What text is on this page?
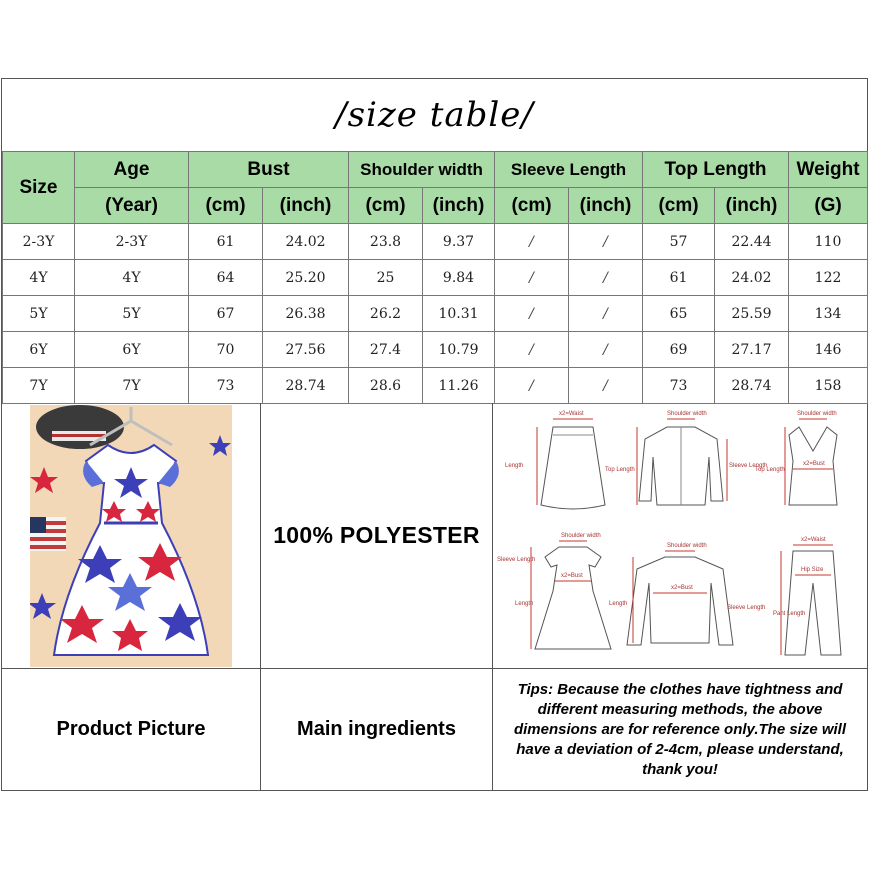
/size table/
Size	Age	Bust		Shoulder width		Sleeve Length		Top Length		Weight
	(Year)	(cm)	(inch)	(cm)	(inch)	(cm)	(inch)	(cm)	(inch)	(G)
2-3Y	2-3Y	61	24.02	23.8	9.37	/	/	57	22.44	110
4Y	4Y	64	25.20	25	9.84	/	/	61	24.02	122
5Y	5Y	67	26.38	26.2	10.31	/	/	65	25.59	134
6Y	6Y	70	27.56	27.4	10.79	/	/	69	27.17	146
7Y	7Y	73	28.74	28.6	11.26	/	/	73	28.74	158
100% POLYESTER
x2=Waist
Length
Shoulder width
Top Length
Sleeve Length
Shoulder width
Top Length
x2=Bust
Shoulder width
Sleeve Length
Length
x2=Bust
Shoulder width
Length
Sleeve Length
x2=Bust
x2=Waist
Hip Size
Pant Length
Product Picture	Main ingredients
Tips: Because the clothes have tightness and different measuring methods, the above dimensions are for reference only.The size will have a deviation of 2-4cm, please understand, thank you!
